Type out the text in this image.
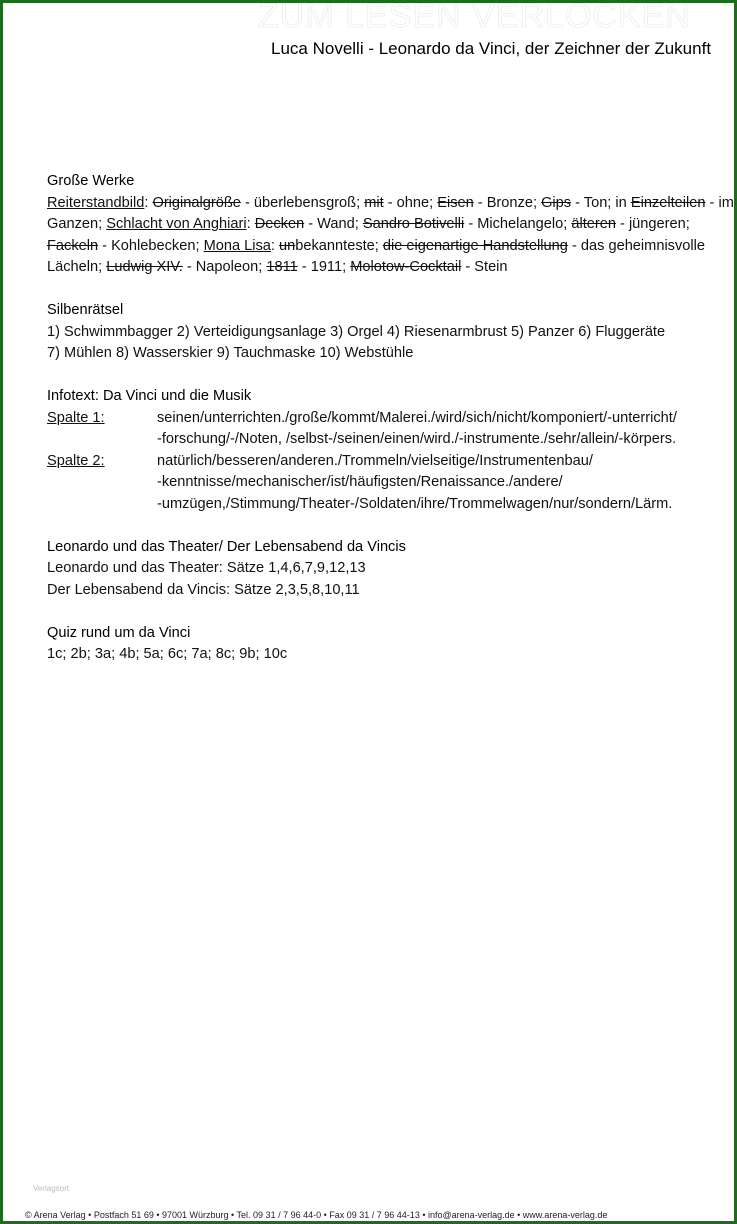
ZUM LESEN VERLOCKEN
Luca Novelli - Leonardo da Vinci, der Zeichner der Zukunft
Große Werke
Reiterstandbild: Originalgröße - überlebensgroß; mit - ohne; Eisen - Bronze; Gips - Ton; in Einzelteilen - im Ganzen; Schlacht von Anghiari: Decken - Wand; Sandro Botivelli - Michelangelo; älteren - jüngeren; Fackeln - Kohlebecken; Mona Lisa: unbekannteste; die eigenartige Handstellung - das geheimnisvolle Lächeln; Ludwig XIV. - Napoleon; 1811 - 1911; Molotow-Cocktail - Stein
Silbenrätsel
1) Schwimmbagger 2) Verteidigungsanlage 3) Orgel 4) Riesenarmbrust 5) Panzer 6) Fluggeräte
7) Mühlen 8) Wasserskier 9) Tauchmaske 10) Webstühle
Infotext: Da Vinci und die Musik
Spalte 1:	seinen/unterrichten./große/kommt/Malerei./wird/sich/nicht/komponiert/-unterricht/
-forschung/-/Noten, /selbst-/seinen/einen/wird./-instrumente./sehr/allein/-körpers.
Spalte 2:	natürlich/besseren/anderen./Trommeln/vielseitige/Instrumentenbau/
-kenntnisse/mechanischer/ist/häufigsten/Renaissance./andere/
-umzügen,/Stimmung/Theater-/Soldaten/ihre/Trommelwagen/nur/sondern/Lärm.
Leonardo und das Theater/ Der Lebensabend da Vincis
Leonardo und das Theater: Sätze 1,4,6,7,9,12,13
Der Lebensabend da Vincis: Sätze 2,3,5,8,10,11
Quiz rund um da Vinci
1c; 2b; 3a; 4b; 5a; 6c; 7a; 8c; 9b; 10c
Verlagsort
© Arena Verlag • Postfach 51 69 • 97001 Würzburg • Tel. 09 31 / 7 96 44-0 • Fax 09 31 / 7 96 44-13 • info@arena-verlag.de • www.arena-verlag.de
